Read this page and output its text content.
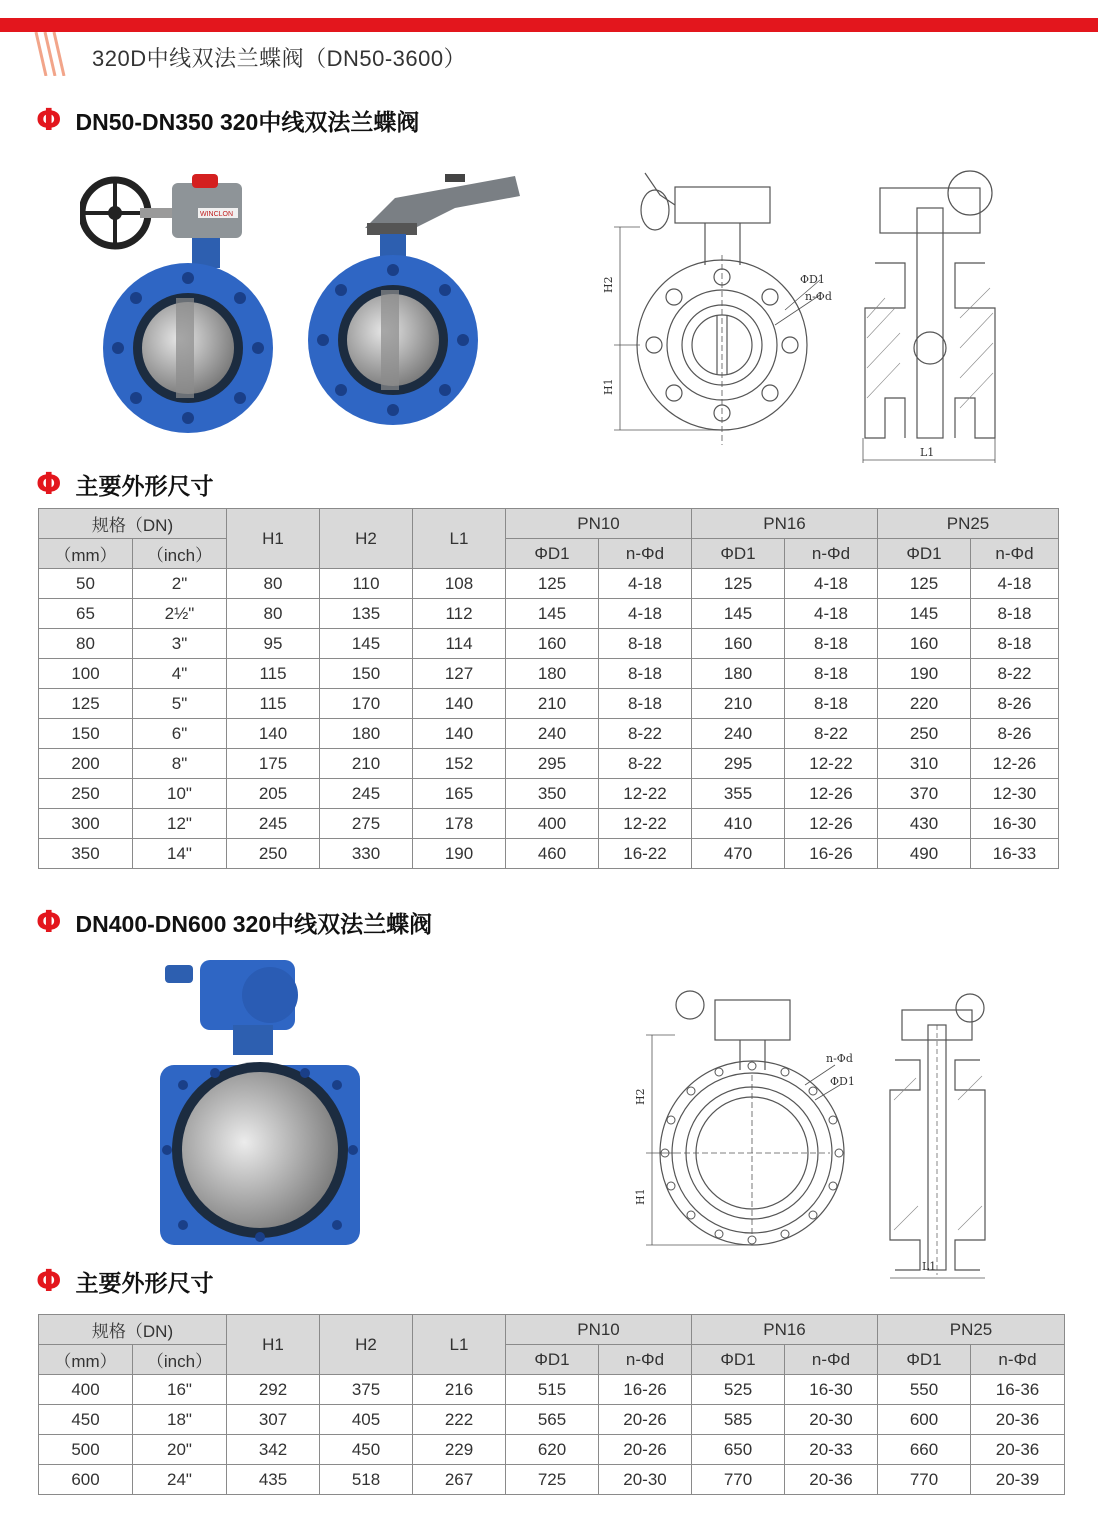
320D中线双法兰蝶阀（DN50-3600）
Φ DN50-DN350 320中线双法兰蝶阀
WINCLON
ΦD1
n-Φd
H2
H1
L1
Φ 主要外形尺寸
规格（DN)		H1	H2	L1	PN10		PN16		PN25	
（mm）	（inch）				ΦD1	n-Φd	ΦD1	n-Φd	ΦD1	n-Φd
50	2"	80	110	108	125	4-18	125	4-18	125	4-18
65	2½"	80	135	112	145	4-18	145	4-18	145	8-18
80	3"	95	145	114	160	8-18	160	8-18	160	8-18
100	4"	115	150	127	180	8-18	180	8-18	190	8-22
125	5"	115	170	140	210	8-18	210	8-18	220	8-26
150	6"	140	180	140	240	8-22	240	8-22	250	8-26
200	8"	175	210	152	295	8-22	295	12-22	310	12-26
250	10"	205	245	165	350	12-22	355	12-26	370	12-30
300	12"	245	275	178	400	12-22	410	12-26	430	16-30
350	14"	250	330	190	460	16-22	470	16-26	490	16-33
Φ DN400-DN600 320中线双法兰蝶阀
n-Φd
ΦD1
H2
H1
L1
Φ 主要外形尺寸
规格（DN)		H1	H2	L1	PN10		PN16		PN25	
（mm）	（inch）				ΦD1	n-Φd	ΦD1	n-Φd	ΦD1	n-Φd
400	16"	292	375	216	515	16-26	525	16-30	550	16-36
450	18"	307	405	222	565	20-26	585	20-30	600	20-36
500	20"	342	450	229	620	20-26	650	20-33	660	20-36
600	24"	435	518	267	725	20-30	770	20-36	770	20-39
